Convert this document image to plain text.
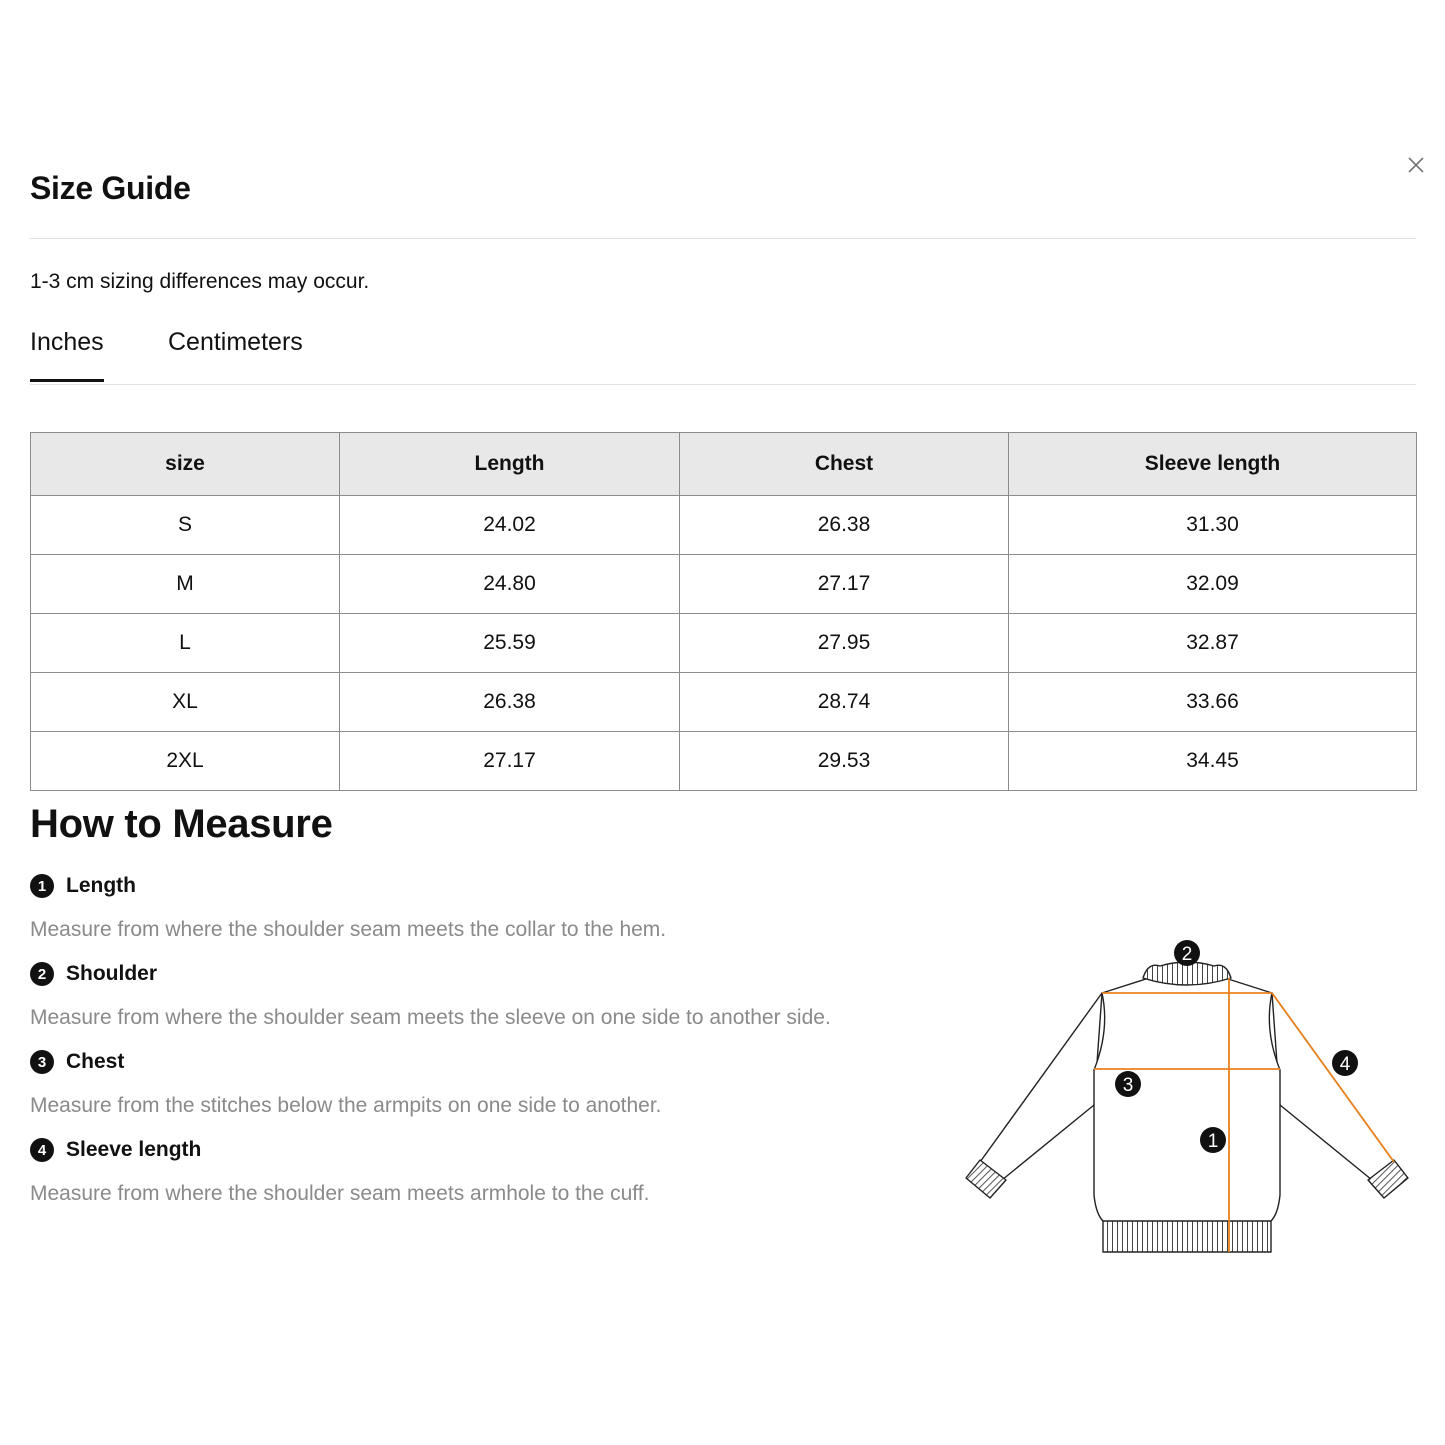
Size Guide
1-3 cm sizing differences may occur.
Inches	Centimeters
size	Length	Chest	Sleeve length
S	24.02	26.38	31.30
M	24.80	27.17	32.09
L	25.59	27.95	32.87
XL	26.38	28.74	33.66
2XL	27.17	29.53	34.45
How to Measure
1 Length
Measure from where the shoulder seam meets the collar to the hem.
2 Shoulder
Measure from where the shoulder seam meets the sleeve on one side to another side.
3 Chest
Measure from the stitches below the armpits on one side to another.
4 Sleeve length
Measure from where the shoulder seam meets armhole to the cuff.
2
3
1
4
